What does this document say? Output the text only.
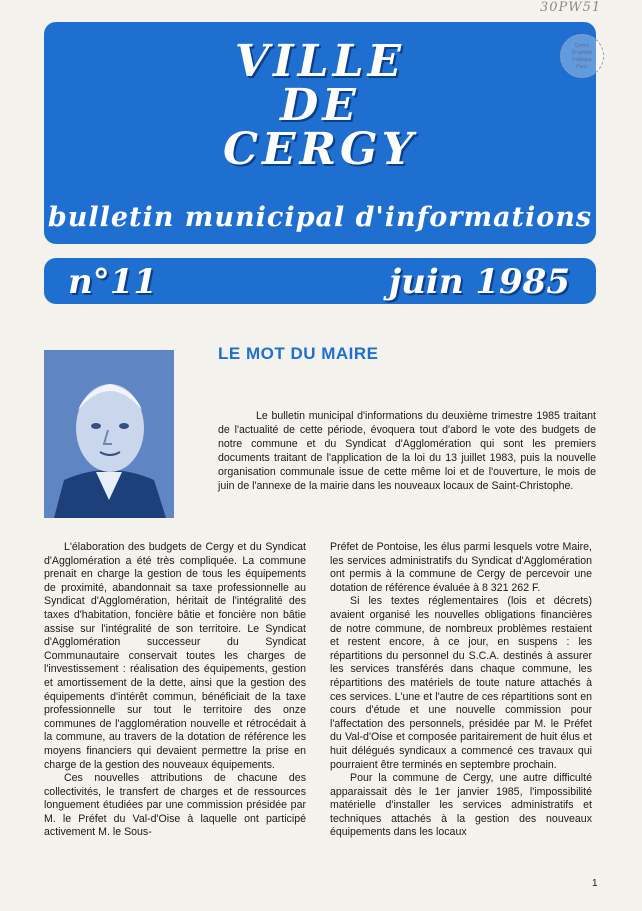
30PW51
VILLE
DE
CERGY
bulletin municipal d'informations
Comm
Propriété
Publique
Paris
n°11	juin 1985
LE MOT DU MAIRE

Le bulletin municipal d'informations du deuxième trimestre 1985 traitant de l'actualité de cette période, évoquera tout d'abord le vote des budgets de notre commune et du Syndicat d'Agglomération qui sont les premiers documents traitant de l'application de la loi du 13 juillet 1983, puis la nouvelle organisation communale issue de cette même loi et de l'ouverture, le mois de juin de l'annexe de la mairie dans les nouveaux locaux de Saint-Christophe.

L'élaboration des budgets de Cergy et du Syndicat d'Agglomération a été très compliquée. La commune prenait en charge la gestion de tous les équipements de proximité, abandonnait sa taxe professionnelle au Syndicat d'Agglomération, héritait de l'intégralité des taxes d'habitation, foncière bâtie et foncière non bâtie assise sur l'intégralité de son territoire. Le Syndicat d'Agglomération successeur du Syndicat Communautaire conservait toutes les charges de l'investissement : réalisation des équipements, gestion et amortissement de la dette, ainsi que la gestion des équipements d'intérêt commun, bénéficiait de la taxe professionnelle sur tout le territoire des onze communes de l'agglomération nouvelle et rétrocédait à la commune, au travers de la dotation de référence les moyens financiers qui devaient permettre la prise en charge de la gestion des nouveaux équipements.

Ces nouvelles attributions de chacune des collectivités, le transfert de charges et de ressources longuement étudiées par une commission présidée par M. le Préfet du Val-d'Oise à laquelle ont participé activement M. le Sous-

Préfet de Pontoise, les élus parmi lesquels votre Maire, les services administratifs du Syndicat d'Agglomération ont permis à la commune de Cergy de percevoir une dotation de référence évaluée à 8 321 262 F.

Si les textes réglementaires (lois et décrets) avaient organisé les nouvelles obligations financières de notre commune, de nombreux problèmes restaient et restent encore, à ce jour, en suspens : les répartitions du personnel du S.C.A. destinés à assurer les services transférés dans chaque commune, les répartitions des matériels de toute nature attachés à ces services. L'une et l'autre de ces répartitions sont en cours d'étude et une nouvelle commission pour l'affectation des personnels, présidée par M. le Préfet du Val-d'Oise et composée paritairement de huit élus et huit délégués syndicaux a commencé ces travaux qui pourraient être terminés en septembre prochain.

Pour la commune de Cergy, une autre difficulté apparaissait dès le 1er janvier 1985, l'impossibilité matérielle d'installer les services administratifs et techniques attachés à la gestion des nouveaux équipements dans les locaux

1
